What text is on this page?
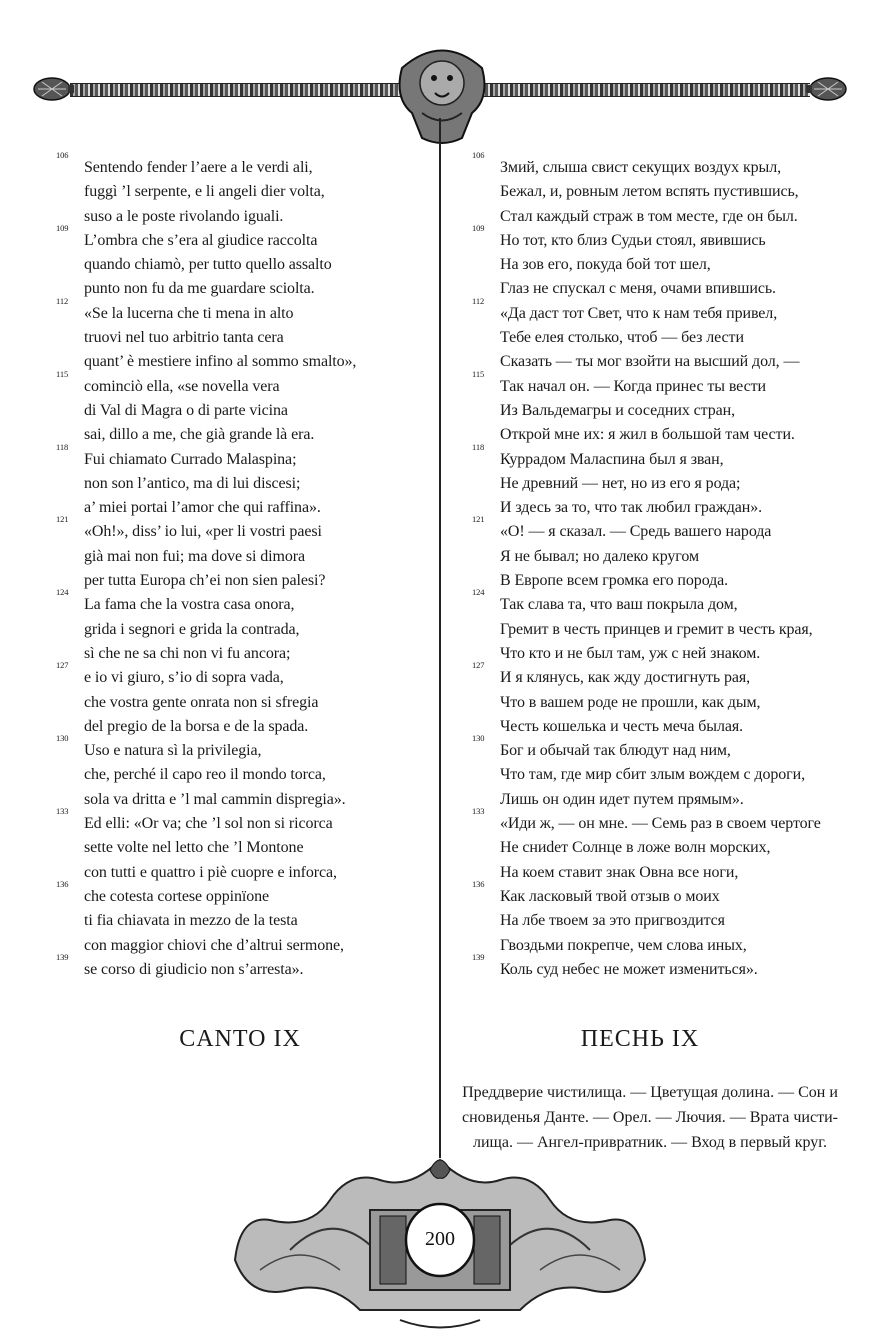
106
Sentendo fender l’aere a le verdi ali,
fuggì ’l serpente, e li angeli dier volta,
suso a le poste rivolando iguali.
109
L’ombra che s’era al giudice raccolta
quando chiamò, per tutto quello assalto
punto non fu da me guardare sciolta.
112
«Se la lucerna che ti mena in alto
truovi nel tuo arbitrio tanta cera
quant’ è mestiere infino al sommo smalto»,
115
cominciò ella, «se novella vera
di Val di Magra o di parte vicina
sai, dillo a me, che già grande là era.
118
Fui chiamato Currado Malaspina;
non son l’antico, ma di lui discesi;
a’ miei portai l’amor che qui raffina».
121
«Oh!», diss’ io lui, «per li vostri paesi
già mai non fui; ma dove si dimora
per tutta Europa ch’ei non sien palesi?
124
La fama che la vostra casa onora,
grida i segnori e grida la contrada,
sì che ne sa chi non vi fu ancora;
127
e io vi giuro, s’io di sopra vada,
che vostra gente onrata non si sfregia
del pregio de la borsa e de la spada.
130
Uso e natura sì la privilegia,
che, perché il capo reo il mondo torca,
sola va dritta e ’l mal cammin dispregia».
133
Ed elli: «Or va; che ’l sol non si ricorca
sette volte nel letto che ’l Montone
con tutti e quattro i piè cuopre e inforca,
136
che cotesta cortese oppinïone
ti fia chiavata in mezzo de la testa
con maggior chiovi che d’altrui sermone,
139
se corso di giudicio non s’arresta».
106
Змий, слыша свист секущих воздух крыл,
Бежал, и, ровным летом вспять пустившись,
Стал каждый страж в том месте, где он был.
109
Но тот, кто близ Судьи стоял, явившись
На зов его, покуда бой тот шел,
Глаз не спускал с меня, очами впившись.
112
«Да даст тот Свет, что к нам тебя привел,
Тебе елея столько, чтоб — без лести
Сказать — ты мог взойти на высший дол, —
115
Так начал он. — Когда принес ты вести
Из Вальдемагры и соседних стран,
Открой мне их: я жил в большой там чести.
118
Куррадом Маласпина был я зван,
Не древний — нет, но из его я рода;
И здесь за то, что так любил граждан».
121
«О! — я сказал. — Средь вашего народа
Я не бывал; но далеко кругом
В Европе всем громка его порода.
124
Так слава та, что ваш покрыла дом,
Гремит в честь принцев и гремит в честь края,
Что кто и не был там, уж с ней знаком.
127
И я клянусь, как жду достигнуть рая,
Что в вашем роде не прошли, как дым,
Честь кошелька и честь меча былая.
130
Бог и обычай так блюдут над ним,
Что там, где мир сбит злым вождем с дороги,
Лишь он один идет путем прямым».
133
«Иди ж, — он мне. — Семь раз в своем чертоге
Не сниdет Солнце в ложе волн морских,
На коем ставит знак Овна все ноги,
136
Как ласковый твой отзыв о моих
На лбе твоем за это пригвоздится
Гвоздьми покрепче, чем слова иных,
139
Коль суд небес не может измениться».
CANTO IX	ПЕСНЬ IX
Преддверие чистилища. — Цветущая долина. — Сон и сновиденья Данте. — Орел. — Лючия. — Врата чисти-лища. — Ангел-привратник. — Вход в первый круг.
200
